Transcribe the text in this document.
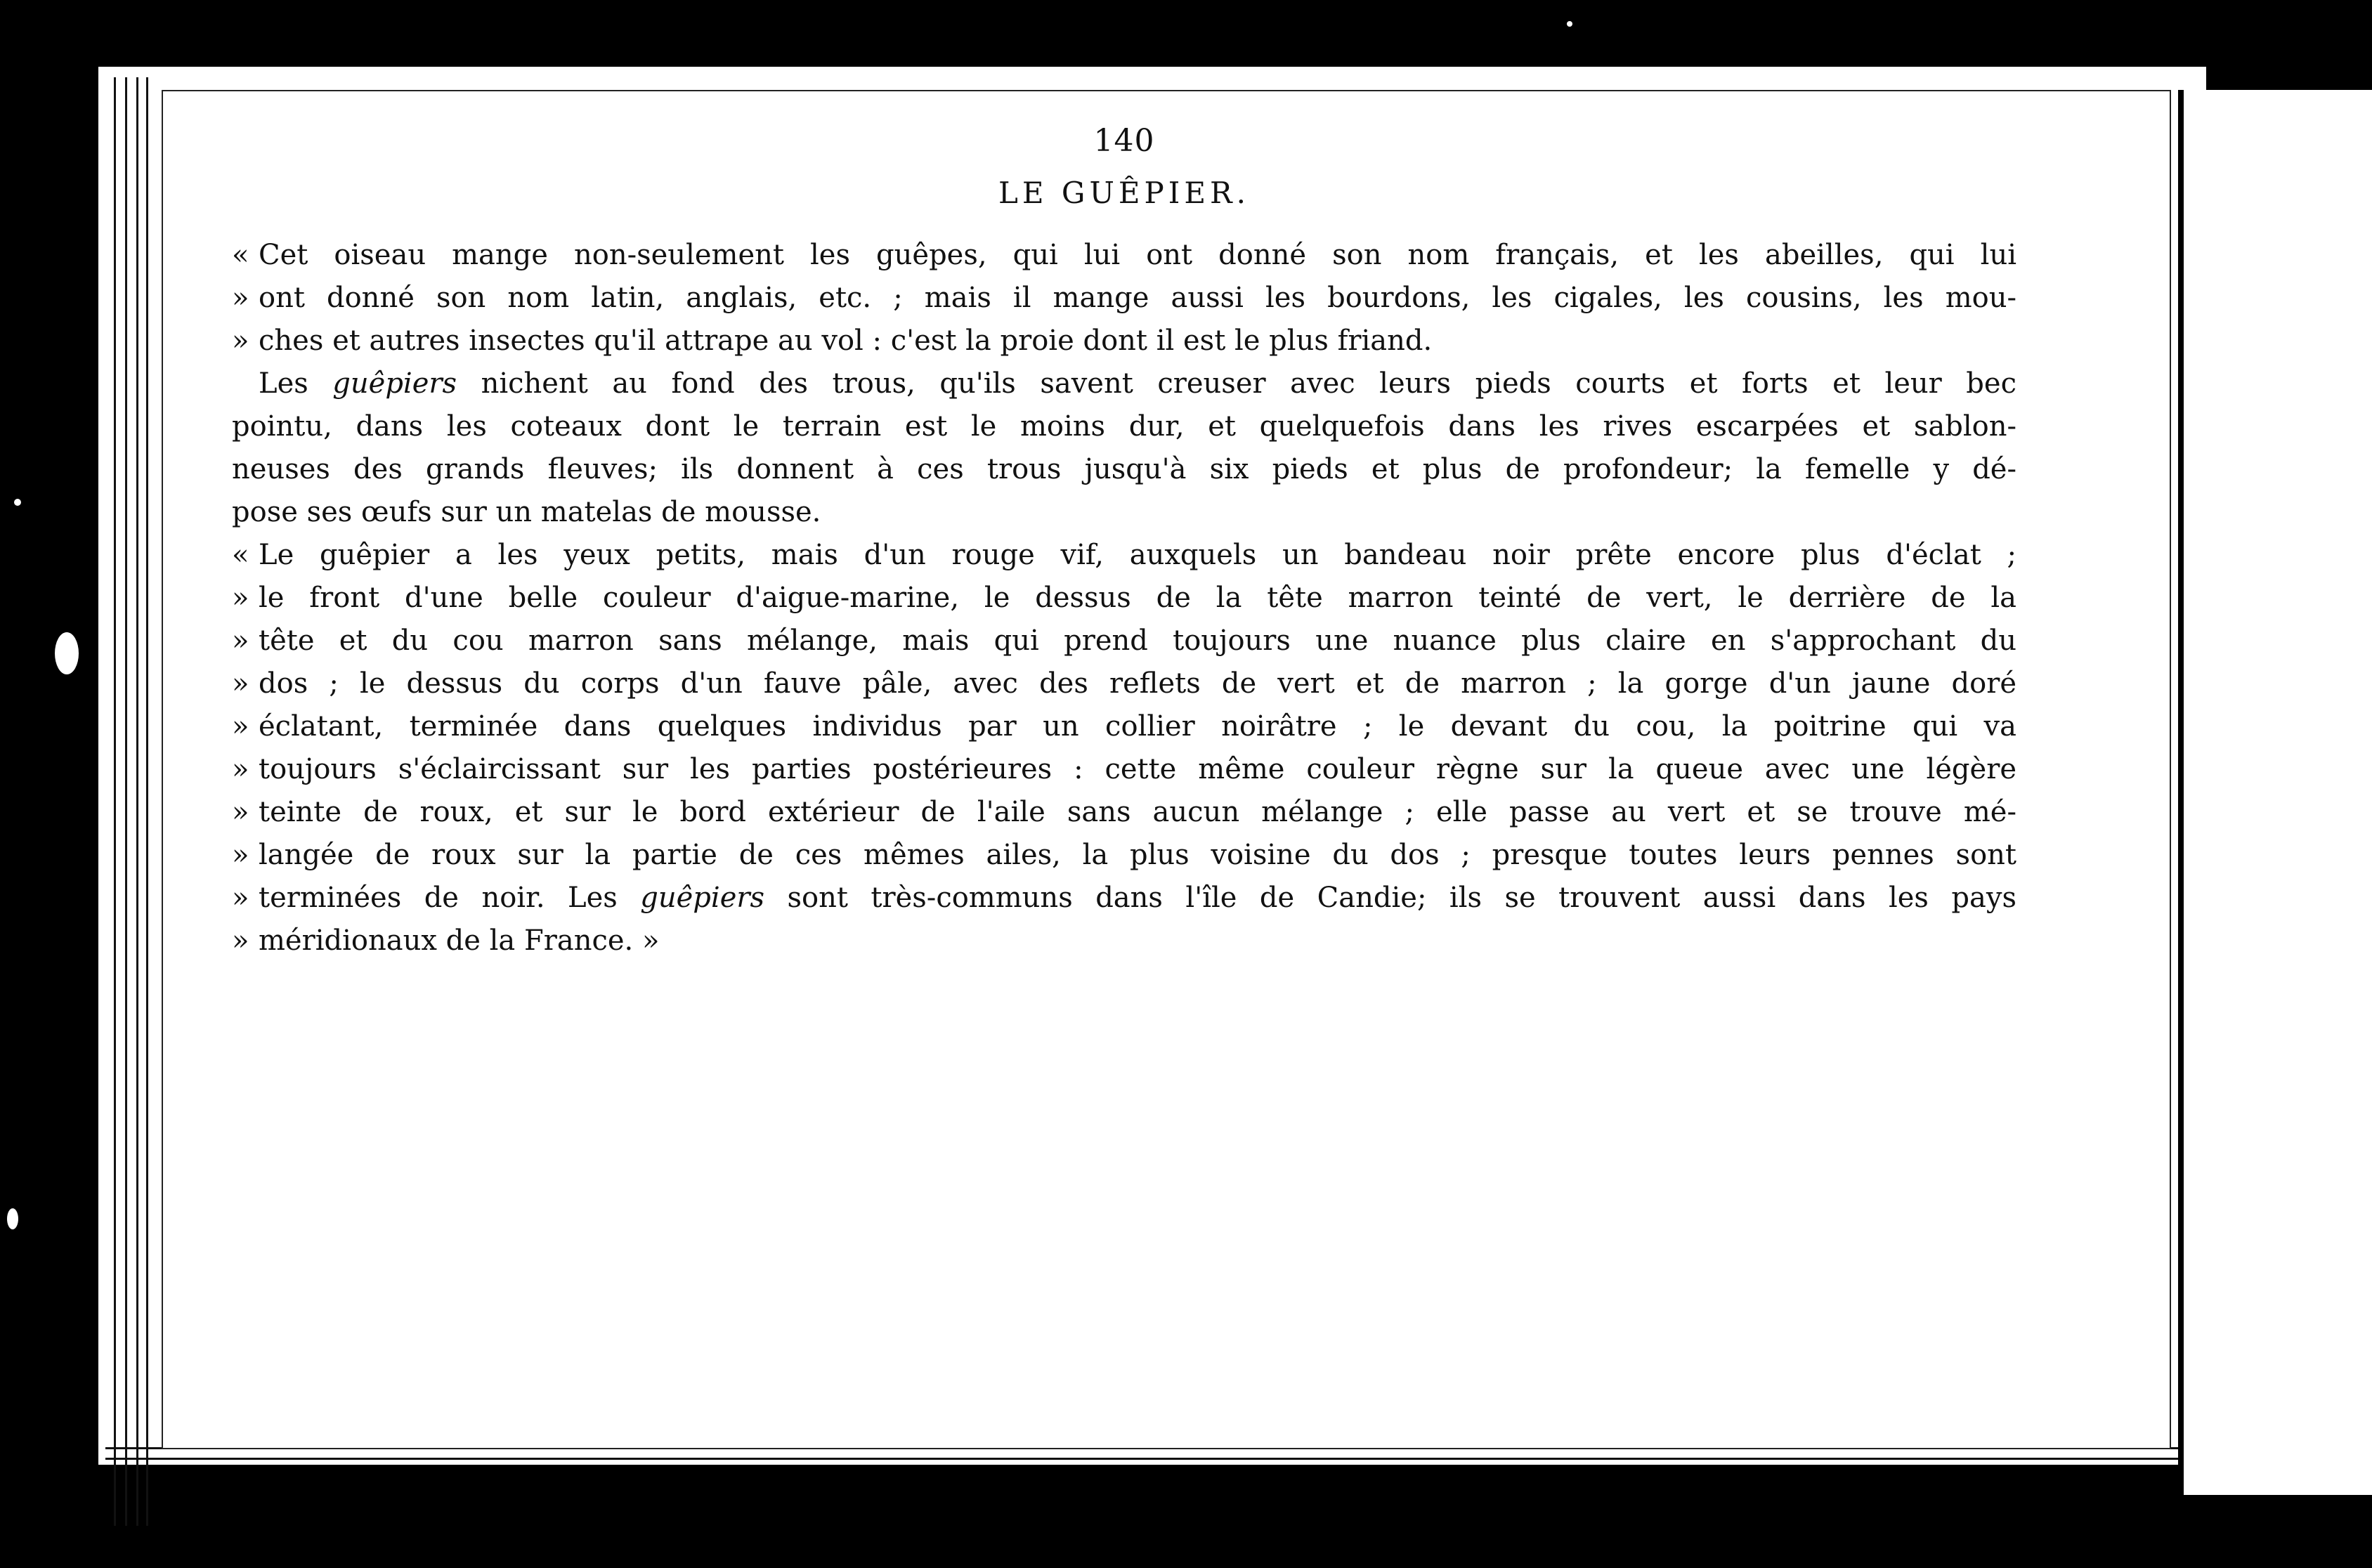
140

LE GUÊPIER.

« Cet oiseau mange non-seulement les guêpes, qui lui ont donné son nom français, et les abeilles, qui lui
» ont donné son nom latin, anglais, etc. ; mais il mange aussi les bourdons, les cigales, les cousins, les mou-
» ches et autres insectes qu'il attrape au vol : c'est la proie dont il est le plus friand.

Les guêpiers nichent au fond des trous, qu'ils savent creuser avec leurs pieds courts et forts et leur bec
pointu, dans les coteaux dont le terrain est le moins dur, et quelquefois dans les rives escarpées et sablon-
neuses des grands fleuves; ils donnent à ces trous jusqu'à six pieds et plus de profondeur; la femelle y dé-
pose ses œufs sur un matelas de mousse.

« Le guêpier a les yeux petits, mais d'un rouge vif, auxquels un bandeau noir prête encore plus d'éclat ;
» le front d'une belle couleur d'aigue-marine, le dessus de la tête marron teinté de vert, le derrière de la
» tête et du cou marron sans mélange, mais qui prend toujours une nuance plus claire en s'approchant du
» dos ; le dessus du corps d'un fauve pâle, avec des reflets de vert et de marron ; la gorge d'un jaune doré
» éclatant, terminée dans quelques individus par un collier noirâtre ; le devant du cou, la poitrine qui va
» toujours s'éclaircissant sur les parties postérieures : cette même couleur règne sur la queue avec une légère
» teinte de roux, et sur le bord extérieur de l'aile sans aucun mélange ; elle passe au vert et se trouve mé-
» langée de roux sur la partie de ces mêmes ailes, la plus voisine du dos ; presque toutes leurs pennes sont
» terminées de noir. Les guêpiers sont très-communs dans l'île de Candie; ils se trouvent aussi dans les pays
» méridionaux de la France. »
